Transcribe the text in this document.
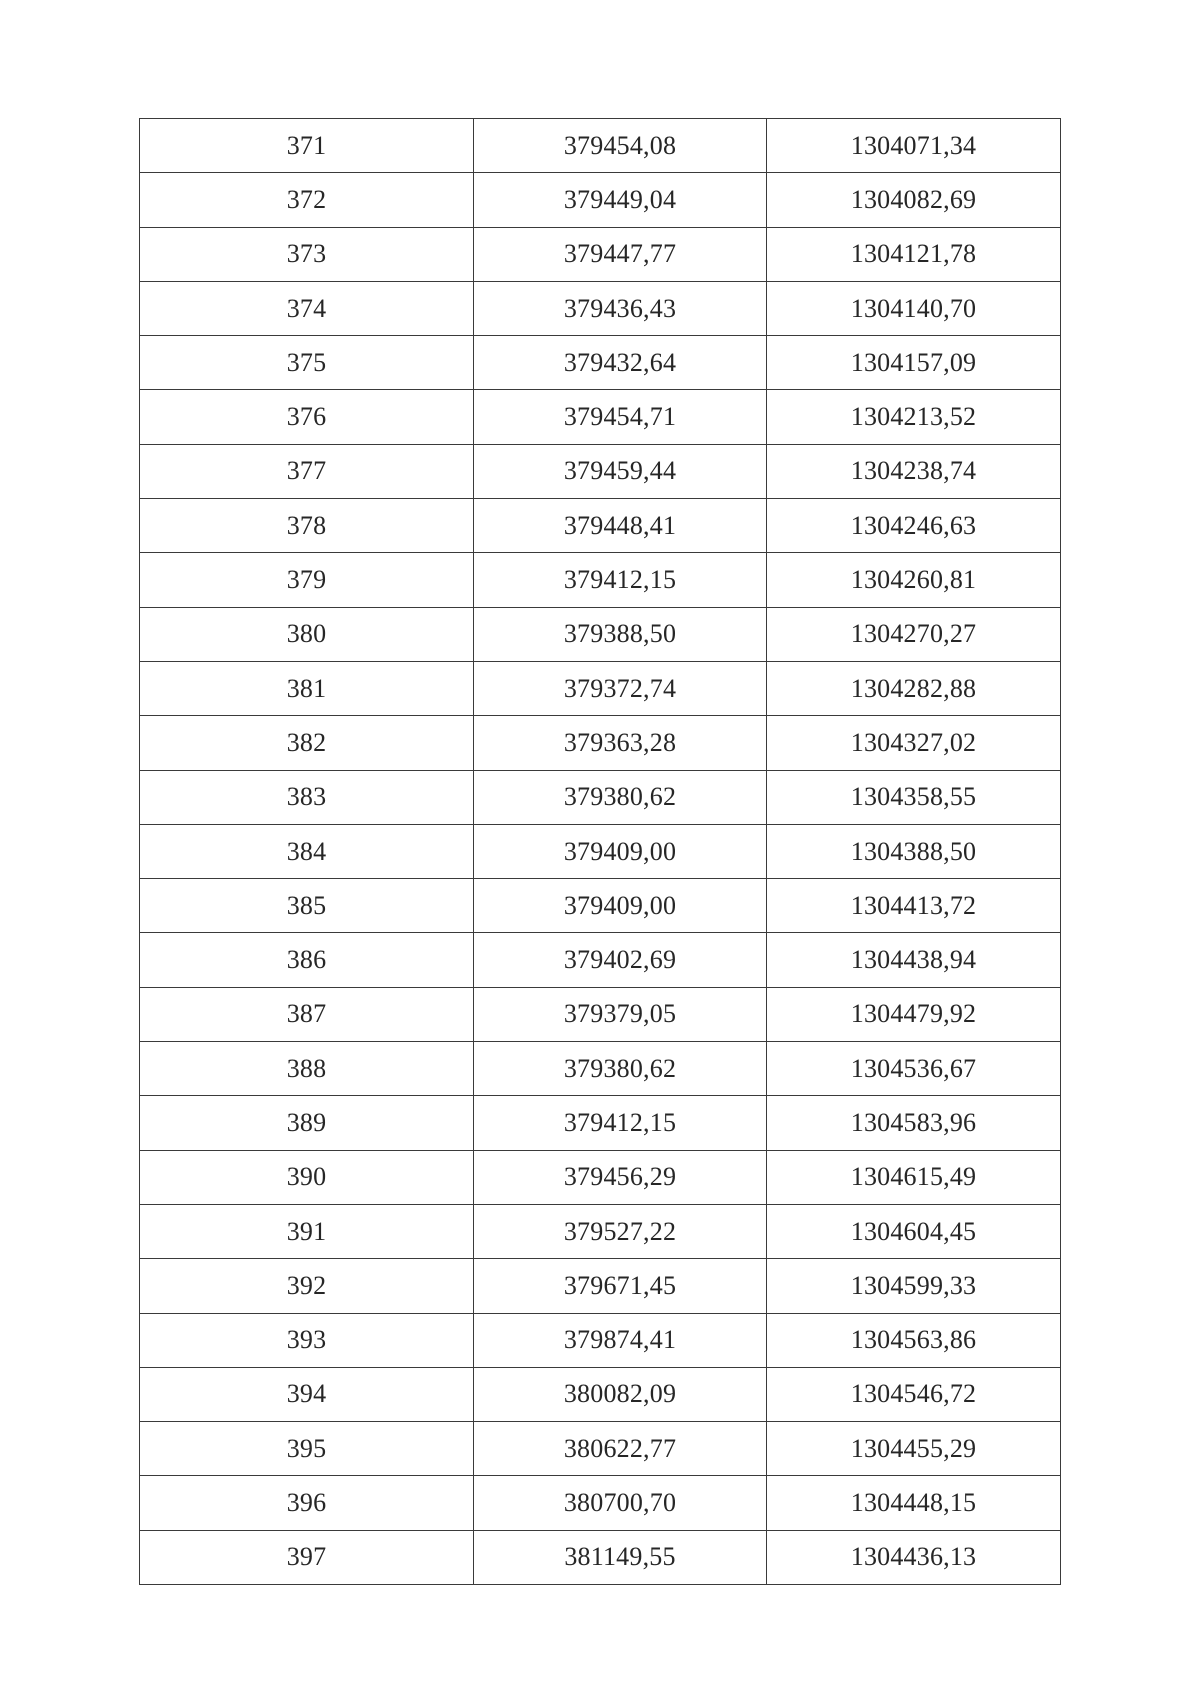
371	379454,08	1304071,34
372	379449,04	1304082,69
373	379447,77	1304121,78
374	379436,43	1304140,70
375	379432,64	1304157,09
376	379454,71	1304213,52
377	379459,44	1304238,74
378	379448,41	1304246,63
379	379412,15	1304260,81
380	379388,50	1304270,27
381	379372,74	1304282,88
382	379363,28	1304327,02
383	379380,62	1304358,55
384	379409,00	1304388,50
385	379409,00	1304413,72
386	379402,69	1304438,94
387	379379,05	1304479,92
388	379380,62	1304536,67
389	379412,15	1304583,96
390	379456,29	1304615,49
391	379527,22	1304604,45
392	379671,45	1304599,33
393	379874,41	1304563,86
394	380082,09	1304546,72
395	380622,77	1304455,29
396	380700,70	1304448,15
397	381149,55	1304436,13
